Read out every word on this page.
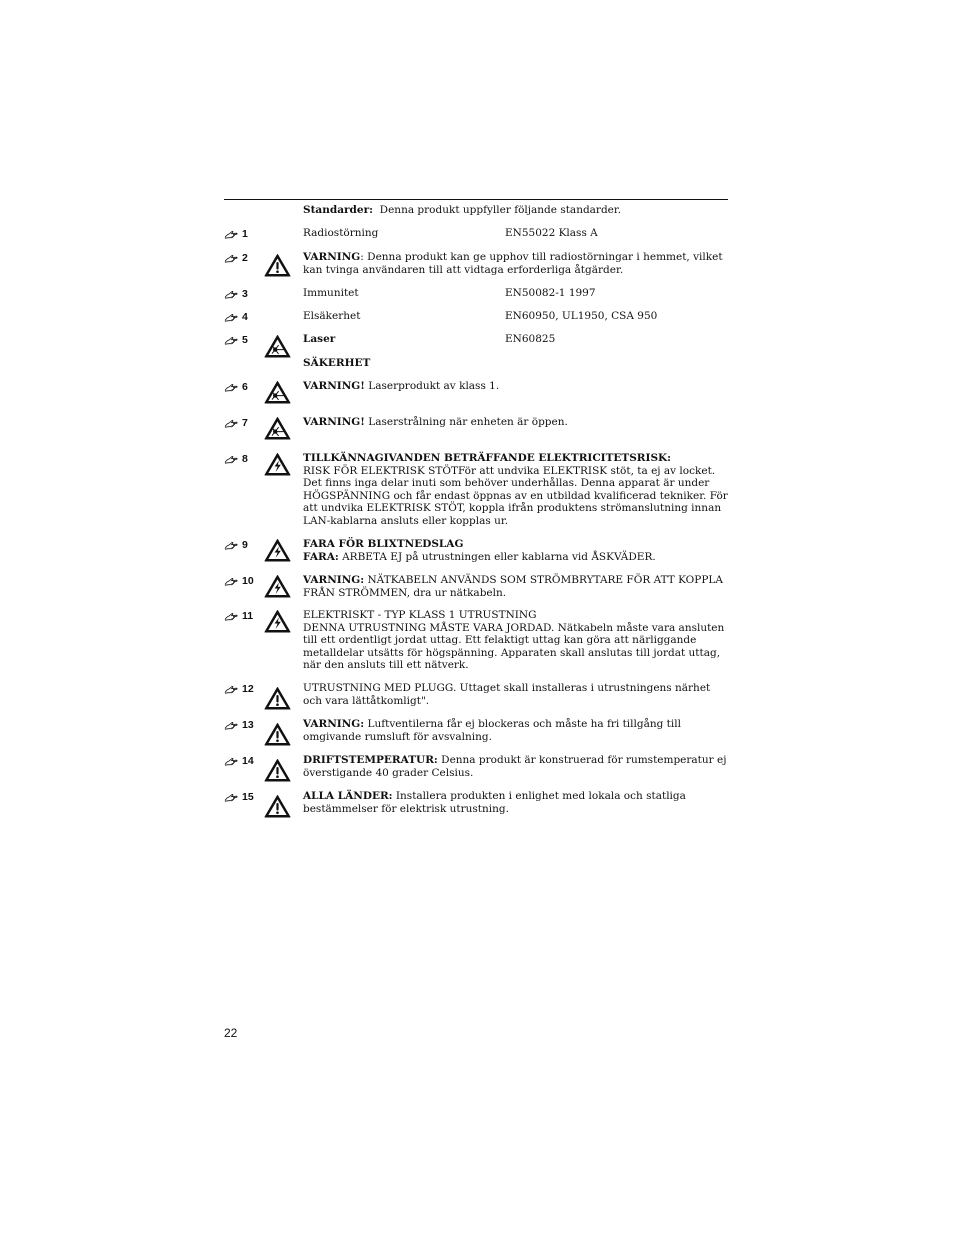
Standarder: Denna produkt uppfyller följande standarder.
1	Radiostörning	EN55022 Klass A
2	VARNING: Denna produkt kan ge upphov till radiostörningar i hemmet, vilket kan tvinga användaren till att vidtaga erforderliga åtgärder.
3	Immunitet	EN50082-1 1997
4	Elsäkerhet	EN60950, UL1950, CSA 950
5	Laser	EN60825
SÄKERHET
6	VARNING! Laserprodukt av klass 1.
7	VARNING! Laserstrålning när enheten är öppen.
8	TILLKÄNNAGIVANDEN BETRÄFFANDE ELEKTRICITETSRISK:
RISK FÖR ELEKTRISK STÖTFör att undvika ELEKTRISK stöt, ta ej av locket. Det finns inga delar inuti som behöver underhållas. Denna apparat är under HÖGSPÄNNING och får endast öppnas av en utbildad kvalificerad tekniker. För att undvika ELEKTRISK STÖT, koppla ifrån produktens strömanslutning innan LAN-kablarna ansluts eller kopplas ur.
9	FARA FÖR BLIXTNEDSLAG
FARA: ARBETA EJ på utrustningen eller kablarna vid ÅSKVÄDER.
10	VARNING: NÄTKABELN ANVÄNDS SOM STRÖMBRYTARE FÖR ATT KOPPLA FRÅN STRÖMMEN, dra ur nätkabeln.
11	ELEKTRISKT - TYP KLASS 1 UTRUSTNING
DENNA UTRUSTNING MÅSTE VARA JORDAD. Nätkabeln måste vara ansluten till ett ordentligt jordat uttag. Ett felaktigt uttag kan göra att närliggande metalldelar utsätts för högspänning. Apparaten skall anslutas till jordat uttag, när den ansluts till ett nätverk.
12	UTRUSTNING MED PLUGG. Uttaget skall installeras i utrustningens närhet och vara lättåtkomligt".
13	VARNING: Luftventilerna får ej blockeras och måste ha fri tillgång till omgivande rumsluft för avsvalning.
14	DRIFTSTEMPERATUR: Denna produkt är konstruerad för rumstemperatur ej överstigande 40 grader Celsius.
15	ALLA LÄNDER: Installera produkten i enlighet med lokala och statliga bestämmelser för elektrisk utrustning.
22
